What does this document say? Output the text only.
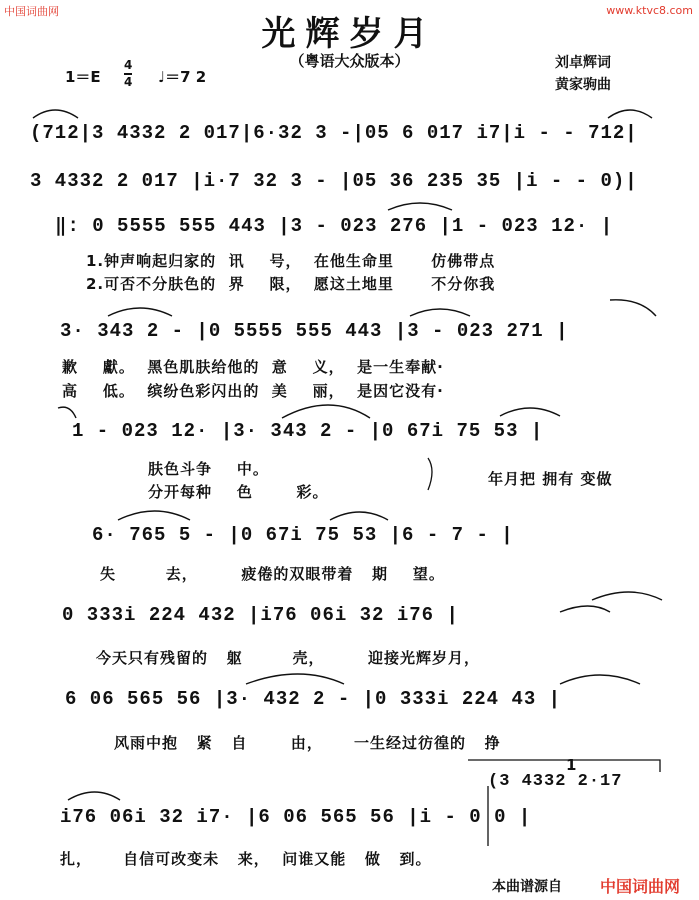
中国词曲网	www.ktvc8.com
光辉岁月
（粤语大众版本）	刘卓辉词
黄家驹曲
1＝E
4
4 ♩＝7 2
(712|3 4332 2 017|6·32 3 -|05 6 017 i7|i - - 712|
3 4332 2 017 |i·7 32 3 - |05 36 235 35 |i - - 0)|
‖: 0 5555 555 443 |3 - 023 276 |1 - 023 12· |
1.钟声响起归家的  讯    号，  在他生命里      仿佛带点
2.可否不分肤色的  界    限，  愿这土地里      不分你我
3· 343 2 - |0 5555 555 443 |3 - 023 271 |
歉    獻。  黑色肌肤给他的  意    义，  是一生奉献·
高    低。  缤纷色彩闪出的  美    丽，  是因它没有·
1 - 023 12· |3· 343 2 - |0 67i 75 53 |
肤色斗争    中。
分开每种    色       彩。
年月把 拥有 变做
6· 765 5 - |0 67i 75 53 |6 - 7 - |
失        去，       疲倦的双眼带着   期    望。
0 333i 224 432 |i76 06i 32 i76 |
今天只有残留的   躯        壳，       迎接光辉岁月，
6 06 565 56 |3· 432 2 - |0 333i 224 43 |
风雨中抱   紧   自       由，     一生经过彷徨的   挣
1
(3 4332 2·17
i76 06i 32 i7· |6 06 565 56 |i - 0 0 |
扎，     自信可改变未   来，  问谁又能   做   到。
本曲谱源自 中国词曲网
